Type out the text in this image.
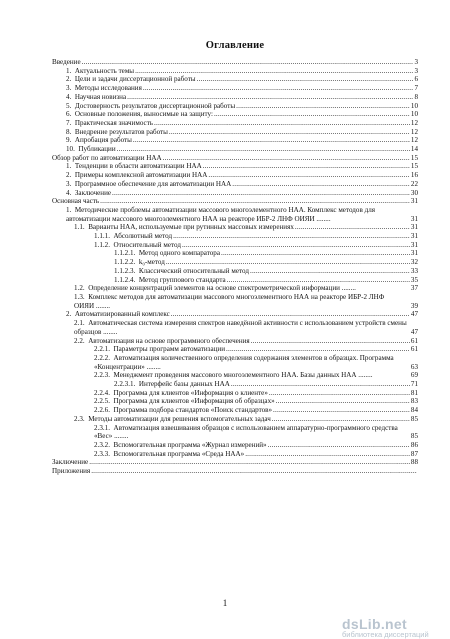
Оглавление
Введение .....	3
1.  Актуальность темы .....	3
2.  Цели и задачи диссертационной работы .....	6
3.  Методы исследования .....	7
4.  Научная новизна .....	8
5.  Достоверность результатов диссертационной работы .....	10
6.  Основные положения, выносимые на защиту: .....	10
7.  Практическая значимость .....	12
8.  Внедрение результатов работы .....	12
9.  Апробация работы .....	12
10.  Публикации .....	14
Обзор работ по автоматизации НАА .....	15
1.  Тенденции в области автоматизации НАА .....	15
2.  Примеры комплексной автоматизации НАА .....	16
3.  Программное обеспечение для автоматизации НАА .....	22
4.  Заключение .....	30
Основная часть .....	31
1.  Методические проблемы автоматизации массового многоэлементного НАА. Комплекс методов для автоматизации массового многоэлементного НАА на реакторе ИБР-2 ЛНФ ОИЯИ ........	31
1.1.  Варианты НАА, используемые при рутинных массовых измерениях .....	31
1.1.1.  Абсолютный метод .....	31
1.1.2.  Относительный метод .....	31
1.1.2.1.  Метод одного компаратора .....	31
1.1.2.2.  k₀-метод .....	32
1.1.2.3.  Классический относительный метод .....	33
1.1.2.4.  Метод группового стандарта .....	35
1.2.  Определение концентраций элементов на основе спектрометрической информации ........	37
1.3.  Комплекс методов для автоматизации массового многоэлементного НАА на реакторе ИБР-2 ЛНФ ОИЯИ ........	39
2.  Автоматизированный комплекс .....	47
2.1.  Автоматическая система измерения спектров наведённой активности с использованием устройств смены образцов ........	47
2.2.  Автоматизация на основе программного обеспечения .....	61
2.2.1.  Параметры программ автоматизации .....	61
2.2.2.  Автоматизация количественного определения содержания элементов в образцах. Программа «Концентрации» ........	63
2.2.3.  Менеджмент проведения массового многоэлементного НАА. Базы данных НАА ........	69
2.2.3.1.  Интерфейс базы данных НАА .....	71
2.2.4.  Программа для клиентов «Информация о клиенте» .....	81
2.2.5.  Программа для клиентов «Информация об образцах» .....	83
2.2.6.  Программа подбора стандартов «Поиск стандартов» .....	84
2.3.  Методы автоматизации для решения вспомогательных задач .....	85
2.3.1.  Автоматизация взвешивания образцов с использованием аппаратурно-программного средства «Вес» ........	85
2.3.2.  Вспомогательная программа «Журнал измерений» .....	86
2.3.3.  Вспомогательная программа «Среда НАА» .....	87
Заключение .....	88
Приложения
.....
1
dsLib.net
библиотека диссертаций
